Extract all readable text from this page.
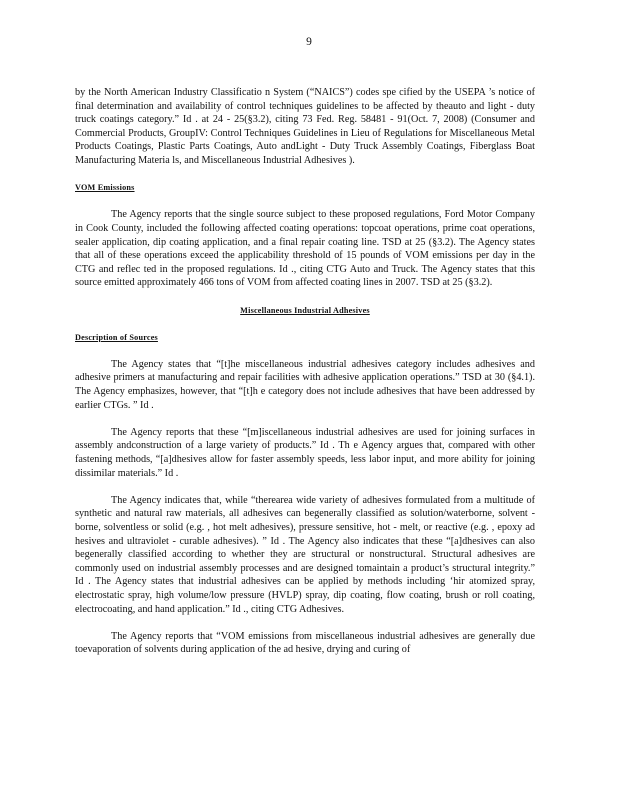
9

by the North American Industry Classificatio n System (“NAICS”) codes spe cified by the USEPA ’s notice of final determination and availability of control techniques guidelines to be affected by theauto and light - duty truck coatings category.” Id . at 24 - 25(§3.2), citing 73 Fed. Reg. 58481 - 91(Oct. 7, 2008) (Consumer and Commercial Products, GroupIV: Control Techniques Guidelines in Lieu of Regulations for Miscellaneous Metal Products Coatings, Plastic Parts Coatings, Auto andLight - Duty Truck Assembly Coatings, Fiberglass Boat Manufacturing Materia ls, and Miscellaneous Industrial Adhesives ).

VOM Emissions

The Agency reports that the single source subject to these proposed regulations, Ford Motor Company in Cook County, included the following affected coating operations: topcoat operations, prime coat operations, sealer application, dip coating application, and a final repair coating line. TSD at 25 (§3.2). The Agency states that all of these operations exceed the applicability threshold of 15 pounds of VOM emissions per day in the CTG and reflec ted in the proposed regulations. Id ., citing CTG Auto and Truck. The Agency states that this source emitted approximately 466 tons of VOM from affected coating lines in 2007. TSD at 25 (§3.2).

Miscellaneous Industrial Adhesives
Description of Sources

The Agency states that “[t]he miscellaneous industrial adhesives category includes adhesives and adhesive primers at manufacturing and repair facilities with adhesive application operations.” TSD at 30 (§4.1). The Agency emphasizes, however, that “[t]h e category does not include adhesives that have been addressed by earlier CTGs. ” Id .

The Agency reports that these “[m]iscellaneous industrial adhesives are used for joining surfaces in assembly andconstruction of a large variety of products.” Id . Th e Agency argues that, compared with other fastening methods, “[a]dhesives allow for faster assembly speeds, less labor input, and more ability for joining dissimilar materials.” Id .

The Agency indicates that, while “therearea wide variety of adhesives formulated from a multitude of synthetic and natural raw materials, all adhesives can begenerally classified as solution/waterborne, solvent - borne, solventless or solid (e.g. , hot melt adhesives), pressure sensitive, hot - melt, or reactive (e.g. , epoxy ad hesives and ultraviolet - curable adhesives). ” Id . The Agency also indicates that these “[a]dhesives can also begenerally classified according to whether they are structural or nonstructural. Structural adhesives are commonly used on industrial assembly processes and are designed tomaintain a product’s structural integrity.” Id . The Agency states that industrial adhesives can be applied by methods including ‘hir atomized spray, electrostatic spray, high volume/low pressure (HVLP) spray, dip coating, flow coating, brush or roll coating, electrocoating, and hand application.” Id ., citing CTG Adhesives.

The Agency reports that “VOM emissions from miscellaneous industrial adhesives are generally due toevaporation of solvents during application of the ad hesive, drying and curing of
